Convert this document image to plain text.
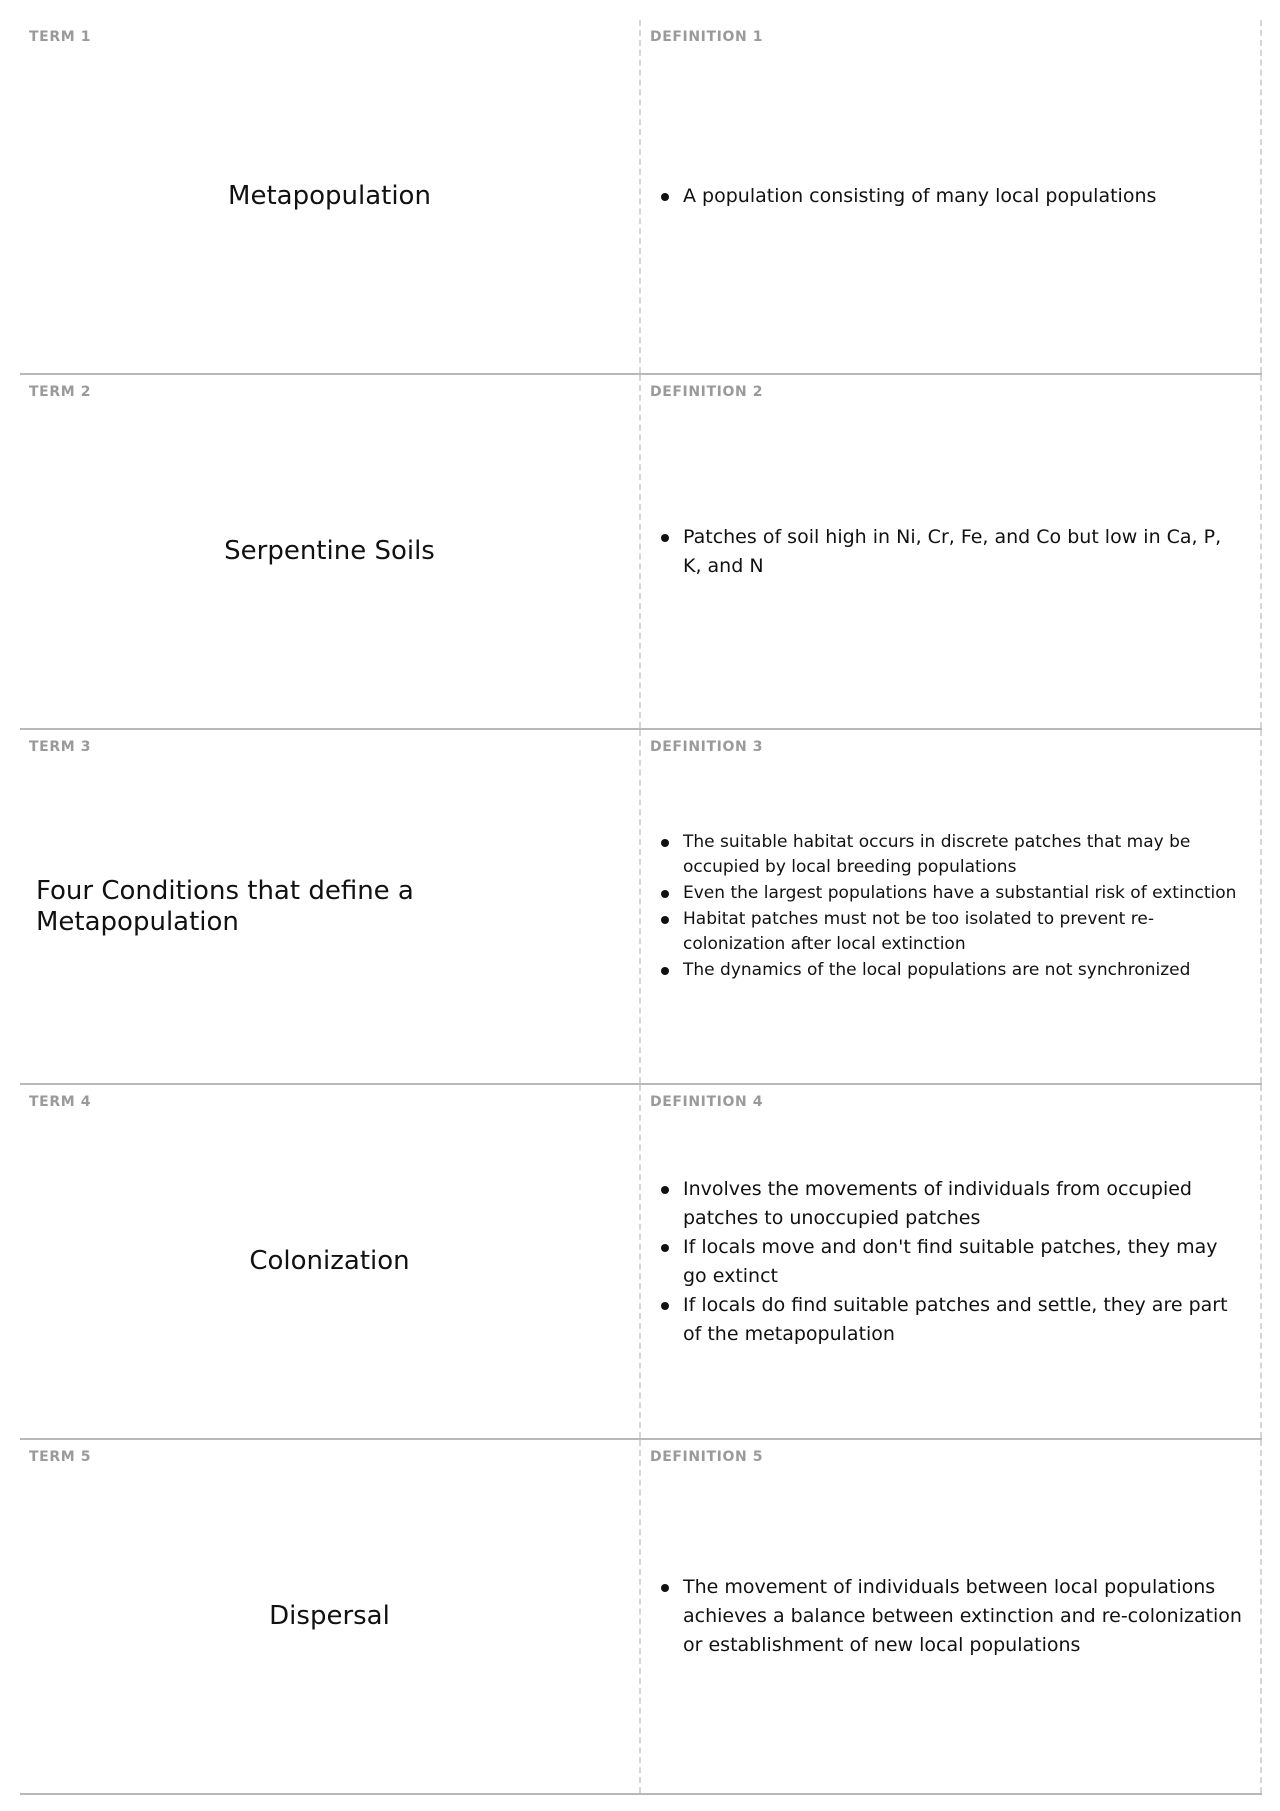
TERM 1
Metapopulation
DEFINITION 1
A population consisting of many local populations
TERM 2
Serpentine Soils
DEFINITION 2
Patches of soil high in Ni, Cr, Fe, and Co but low in Ca, P, K, and N
TERM 3
Four Conditions that define a Metapopulation
DEFINITION 3
The suitable habitat occurs in discrete patches that may be occupied by local breeding populations
Even the largest populations have a substantial risk of extinction
Habitat patches must not be too isolated to prevent re-colonization after local extinction
The dynamics of the local populations are not synchronized
TERM 4
Colonization
DEFINITION 4
Involves the movements of individuals from occupied patches to unoccupied patches
If locals move and don't find suitable patches, they may go extinct
If locals do find suitable patches and settle, they are part of the metapopulation
TERM 5
Dispersal
DEFINITION 5
The movement of individuals between local populations achieves a balance between extinction and re-colonization or establishment of new local populations
